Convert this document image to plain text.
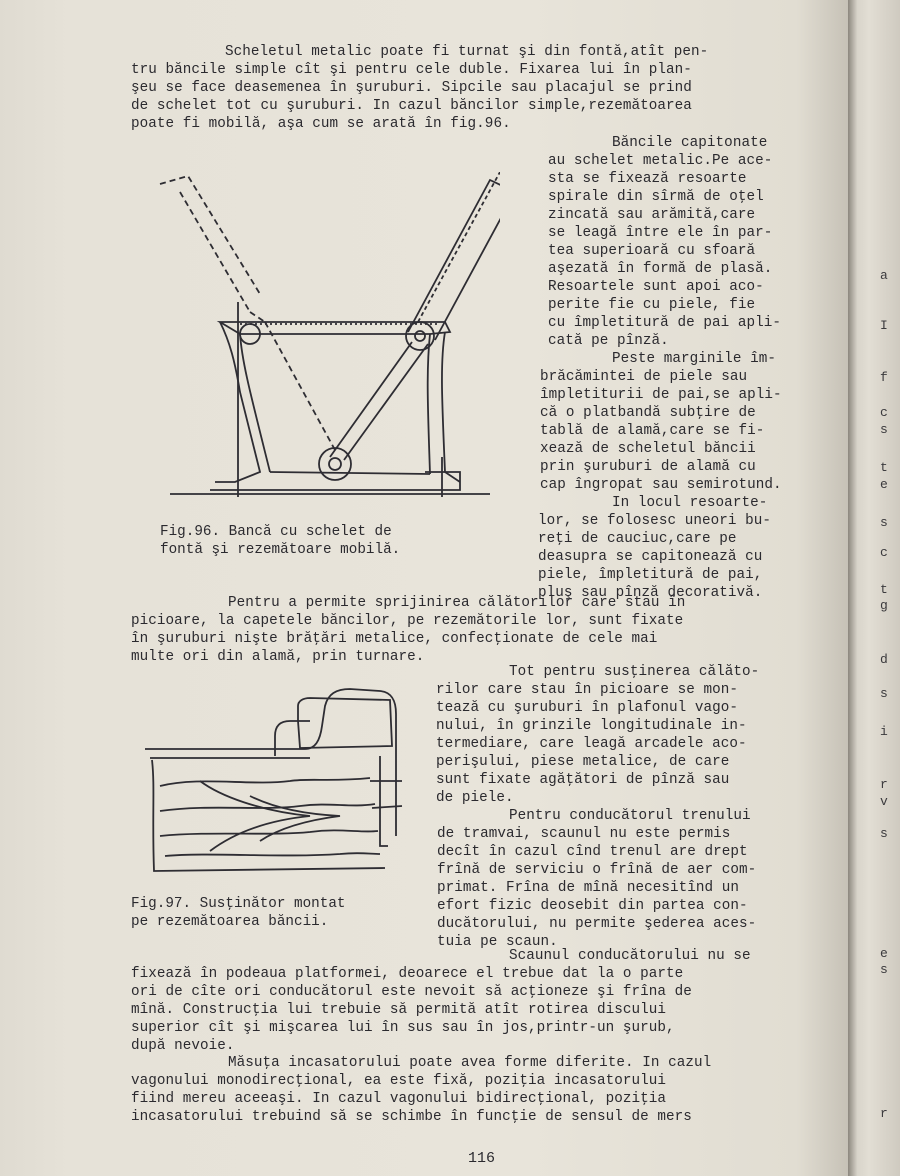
Scheletul metalic poate fi turnat şi din fontă,atît pen-
tru băncile simple cît şi pentru cele duble. Fixarea lui în plan-
şeu se face deasemenea în şuruburi. Sipcile sau placajul se prind
de schelet tot cu şuruburi. In cazul băncilor simple,rezemătoarea
poate fi mobilă, aşa cum se arată în fig.96.
Băncile capitonate
au schelet metalic.Pe ace-
sta se fixează resoarte
spirale din sîrmă de oţel
zincată sau arămită,care
se leagă între ele în par-
tea superioară cu sfoară
aşezată în formă de plasă.
Resoartele sunt apoi aco-
perite fie cu piele, fie
cu împletitură de pai apli-
cată pe pînză.
Peste marginile îm-
brăcămintei de piele sau
împletiturii de pai,se apli-
că o platbandă subţire de
tablă de alamă,care se fi-
xează de scheletul băncii
prin şuruburi de alamă cu
cap îngropat sau semirotund.
In locul resoarte-
lor, se folosesc uneori bu-
reţi de cauciuc,care pe
deasupra se capitonează cu
piele, împletitură de pai,
pluş sau pînză decorativă.
Fig.96. Bancă cu schelet de
fontă şi rezemătoare mobilă.
Pentru a permite sprijinirea călătorilor care stau în
picioare, la capetele băncilor, pe rezemătorile lor, sunt fixate
în şuruburi nişte brăţări metalice, confecţionate de cele mai
multe ori din alamă, prin turnare.
Tot pentru susţinerea călăto-
rilor care stau în picioare se mon-
tează cu şuruburi în plafonul vago-
nului, în grinzile longitudinale in-
termediare, care leagă arcadele aco-
perişului, piese metalice, de care
sunt fixate agăţători de pînză sau
de piele.
Fig.97. Susţinător montat
pe rezemătoarea băncii.
Pentru conducătorul trenului
de tramvai, scaunul nu este permis
decît în cazul cînd trenul are drept
frînă de serviciu o frînă de aer com-
primat. Frîna de mînă necesitînd un
efort fizic deosebit din partea con-
ducătorului, nu permite şederea aces-
tuia pe scaun.
Scaunul conducătorului nu se
fixează în podeaua platformei, deoarece el trebue dat la o parte
ori de cîte ori conducătorul este nevoit să acţioneze şi frîna de
mînă. Construcţia lui trebuie să permită atît rotirea discului
superior cît şi mişcarea lui în sus sau în jos,printr-un şurub,
după nevoie.
Măsuţa incasatorului poate avea forme diferite. In cazul
vagonului monodirecţional, ea este fixă, poziţia incasatorului
fiind mereu aceeaşi. In cazul vagonului bidirecţional, poziţia
incasatorului trebuind să se schimbe în funcţie de sensul de mers
116
a
I
f
c
s
t
e
s
c
t
g
d
s
i
r
v
s
e
s
r
